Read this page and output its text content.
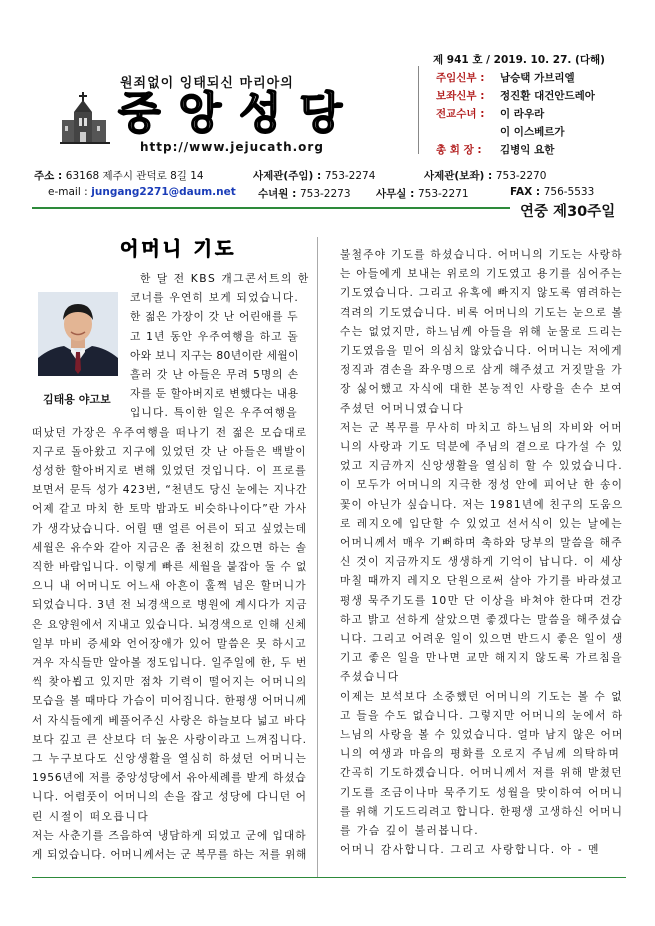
원죄없이 잉태되신 마리아의
중앙성당
http://www.jejucath.org
제 941 호 / 2019. 10. 27. (다해)
주임신부 : 남승택 가브리엘
보좌신부 : 정진환 대건안드레아
전교수녀 : 이 라우라
이 이스베르가
총 회 장 : 김병익 요한
주소 : 63168 제주시 관덕로 8길 14	사제관(주임) : 753-2274	사제관(보좌) : 753-2270
e-mail : jungang2271@daum.net 수녀원 : 753-2273 사무실 : 753-2271	FAX : 756-5533
연중 제30주일
어머니 기도
김태용 야고보
한 달 전 KBS 개그콘서트의 한
코너를 우연히 보게 되었습니다.
한 젊은 가장이 갓 난 어린애를 두
고 1년 동안 우주여행을 하고 돌
아와 보니 지구는 80년이란 세월이
흘러 갓 난 아들은 무려 5명의 손
자를 둔 할아버지로 변했다는 내용
입니다. 특이한 일은 우주여행을
떠났던 가장은 우주여행을 떠나기 전 젊은 모습대로
지구로 돌아왔고 지구에 있었던 갓 난 아들은 백발이
성성한 할아버지로 변해 있었던 것입니다. 이 프로를
보면서 문득 성가 423번, “천년도 당신 눈에는 지나간
어제 같고 마치 한 토막 밤과도 비슷하나이다”란 가사
가 생각났습니다. 어릴 땐 얼른 어른이 되고 싶었는데
세월은 유수와 같아 지금은 좀 천천히 갔으면 하는 솔
직한 바람입니다. 이렇게 빠른 세월을 붙잡아 둘 수 없
으니 내 어머니도 어느새 아흔이 훌쩍 넘은 할머니가
되었습니다. 3년 전 뇌경색으로 병원에 계시다가 지금
은 요양원에서 지내고 있습니다. 뇌경색으로 인해 신체
일부 마비 증세와 언어장애가 있어 말씀은 못 하시고
겨우 자식들만 알아볼 정도입니다. 일주일에 한, 두 번
씩 찾아뵙고 있지만 점차 기력이 떨어지는 어머니의
모습을 볼 때마다 가슴이 미어집니다. 한평생 어머니께
서 자식들에게 베풀어주신 사랑은 하늘보다 넓고 바다
보다 깊고 큰 산보다 더 높은 사랑이라고 느껴집니다.
그 누구보다도 신앙생활을 열심히 하셨던 어머니는
1956년에 저를 중앙성당에서 유아세례를 받게 하셨습
니다. 어렴풋이 어머니의 손을 잡고 성당에 다니던 어
린 시절이 떠오릅니다
저는 사춘기를 즈음하여 냉담하게 되었고 군에 입대하
게 되었습니다. 어머니께서는 군 복무를 하는 저를 위해
불철주야 기도를 하셨습니다. 어머니의 기도는 사랑하
는 아들에게 보내는 위로의 기도였고 용기를 심어주는
기도였습니다. 그리고 유혹에 빠지지 않도록 염려하는
격려의 기도였습니다. 비록 어머니의 기도는 눈으로 볼
수는 없었지만, 하느님께 아들을 위해 눈물로 드리는
기도였음을 믿어 의심치 않았습니다. 어머니는 저에게
정직과 겸손을 좌우명으로 삼게 해주셨고 거짓말을 가
장 싫어했고 자식에 대한 본능적인 사랑을 손수 보여
주셨던 어머니였습니다
저는 군 복무를 무사히 마치고 하느님의 자비와 어머
니의 사랑과 기도 덕분에 주님의 곁으로 다가설 수 있
었고 지금까지 신앙생활을 열심히 할 수 있었습니다.
이 모두가 어머니의 지극한 정성 안에 피어난 한 송이
꽃이 아닌가 싶습니다. 저는 1981년에 친구의 도움으
로 레지오에 입단할 수 있었고 선서식이 있는 날에는
어머니께서 매우 기뻐하며 축하와 당부의 말씀을 해주
신 것이 지금까지도 생생하게 기억이 납니다. 이 세상
마칠 때까지 레지오 단원으로써 살아 가기를 바라셨고
평생 묵주기도를 10만 단 이상을 바쳐야 한다며 건강
하고 밝고 선하게 살았으면 좋겠다는 말씀을 해주셨습
니다. 그리고 어려운 일이 있으면 반드시 좋은 일이 생
기고 좋은 일을 만나면 교만 해지지 않도록 가르침을
주셨습니다
이제는 보석보다 소중했던 어머니의 기도는 볼 수 없
고 들을 수도 없습니다. 그렇지만 어머니의 눈에서 하
느님의 사랑을 볼 수 있었습니다. 얼마 남지 않은 어머
니의 여생과 마음의 평화를 오로지 주님께 의탁하며
간곡히 기도하겠습니다. 어머니께서 저를 위해 받쳤던
기도를 조금이나마 묵주기도 성월을 맞이하여 어머니
를 위해 기도드리려고 합니다. 한평생 고생하신 어머니
를 가슴 깊이 불러봅니다.
어머니 감사합니다. 그리고 사랑합니다. 아 - 멘
